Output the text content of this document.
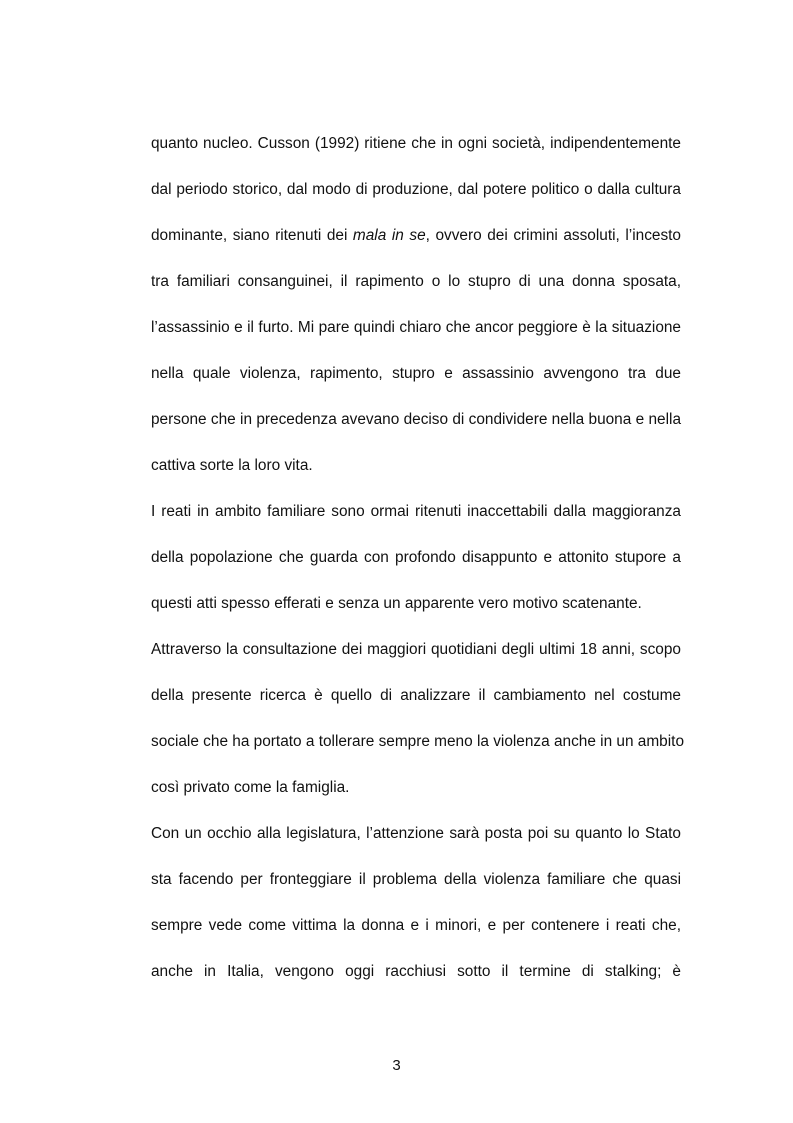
quanto nucleo. Cusson (1992) ritiene che in ogni società, indipendentemente
dal periodo storico, dal modo di produzione, dal potere politico o dalla cultura
dominante, siano ritenuti dei mala in se, ovvero dei crimini assoluti, l’incesto
tra familiari consanguinei, il rapimento o lo stupro di una donna sposata,
l’assassinio e il furto. Mi pare quindi chiaro che ancor peggiore è la situazione
nella quale violenza, rapimento, stupro e assassinio avvengono tra due
persone che in precedenza avevano deciso di condividere nella buona e nella
cattiva sorte la loro vita.
I reati in ambito familiare sono ormai ritenuti inaccettabili dalla maggioranza
della popolazione che guarda con profondo disappunto e attonito stupore a
questi atti spesso efferati e senza un apparente vero motivo scatenante.
Attraverso la consultazione dei maggiori quotidiani degli ultimi 18 anni, scopo
della presente ricerca è quello di analizzare il cambiamento nel costume
sociale che ha portato a tollerare sempre meno la violenza anche in un ambito
così privato come la famiglia.
Con un occhio alla legislatura, l’attenzione sarà posta poi su quanto lo Stato
sta facendo per fronteggiare il problema della violenza familiare che quasi
sempre vede come vittima la donna e i minori, e per contenere i reati che,
anche in Italia, vengono oggi racchiusi sotto il termine di stalking; è
3
